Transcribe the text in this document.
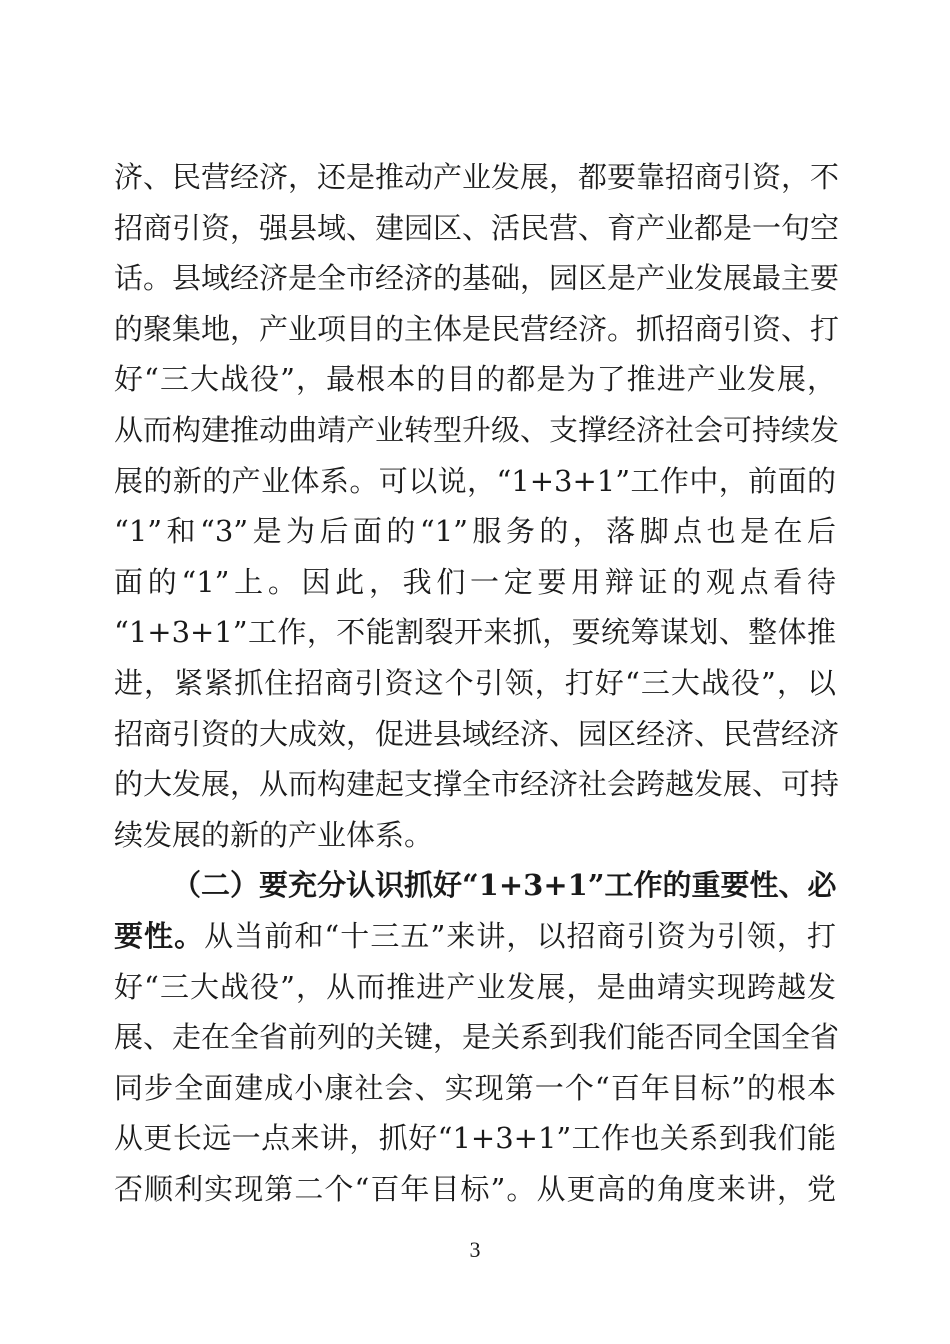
济、民营经济，还是推动产业发展，都要靠招商引资，不
招商引资，强县域、建园区、活民营、育产业都是一句空
话。县域经济是全市经济的基础，园区是产业发展最主要
的聚集地，产业项目的主体是民营经济。抓招商引资、打
好“三大战役”，最根本的目的都是为了推进产业发展，
从而构建推动曲靖产业转型升级、支撑经济社会可持续发
展的新的产业体系。可以说，“1+3+1”工作中，前面的
“1”和“3”是为后面的“1”服务的，落脚点也是在后
面的“1”上。因此，我们一定要用辩证的观点看待
“1+3+1”工作，不能割裂开来抓，要统筹谋划、整体推
进，紧紧抓住招商引资这个引领，打好“三大战役”，以
招商引资的大成效，促进县域经济、园区经济、民营经济
的大发展，从而构建起支撑全市经济社会跨越发展、可持
续发展的新的产业体系。
（二）要充分认识抓好“1+3+1”工作的重要性、必
要性。从当前和“十三五”来讲，以招商引资为引领，打
好“三大战役”，从而推进产业发展，是曲靖实现跨越发
展、走在全省前列的关键，是关系到我们能否同全国全省
同步全面建成小康社会、实现第一个“百年目标”的根本
从更长远一点来讲，抓好“1+3+1”工作也关系到我们能
否顺利实现第二个“百年目标”。从更高的角度来讲，党
3
